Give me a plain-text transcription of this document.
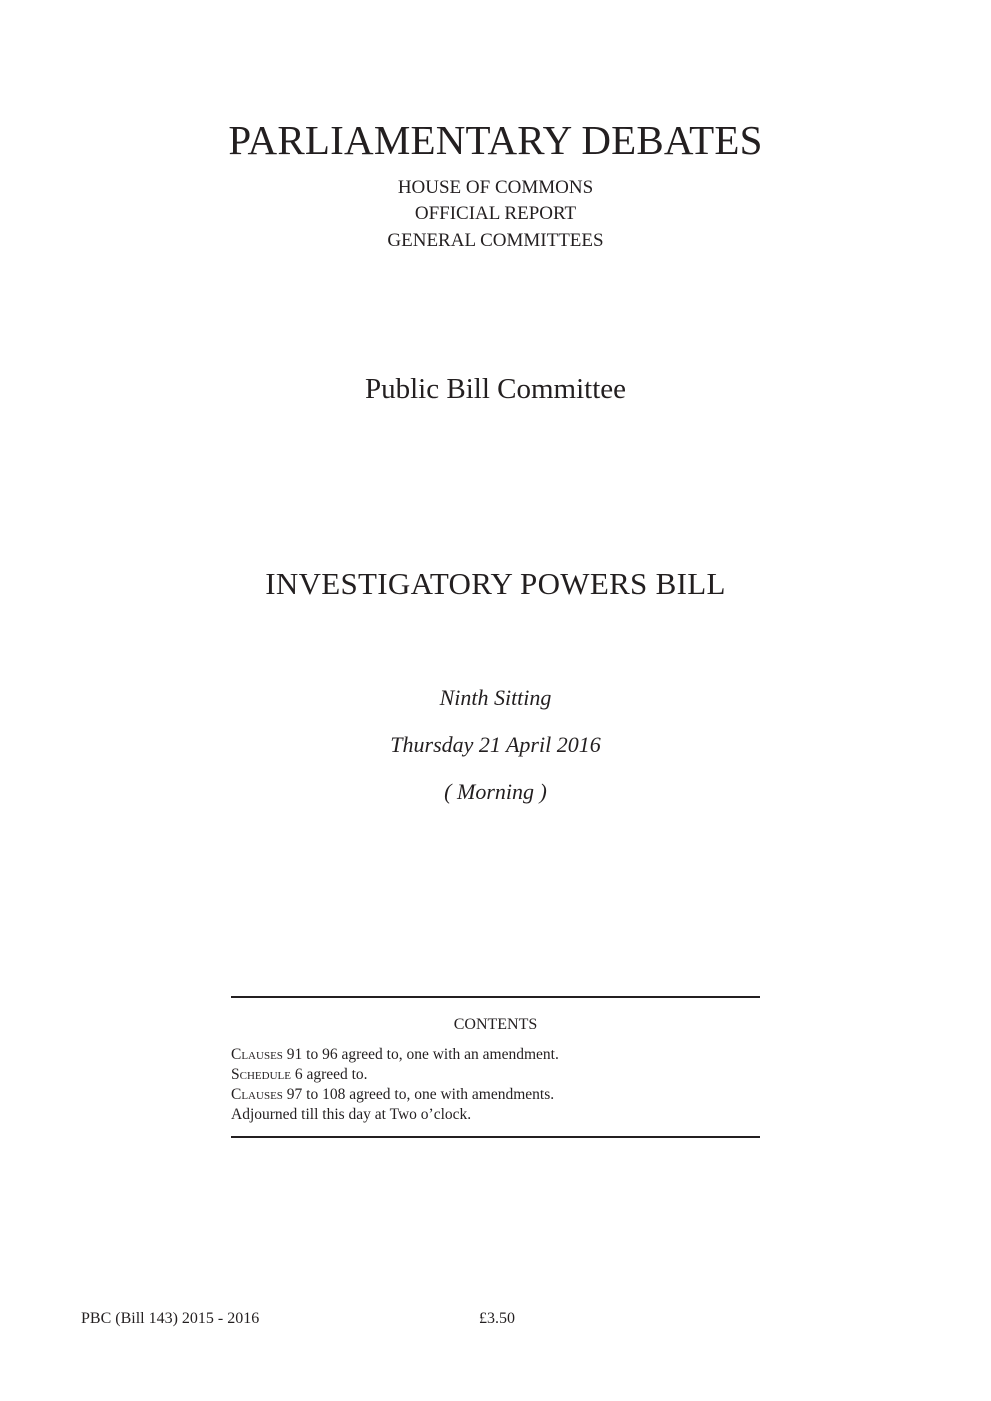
PARLIAMENTARY DEBATES
HOUSE OF COMMONS
OFFICIAL REPORT
GENERAL COMMITTEES
Public Bill Committee
INVESTIGATORY POWERS BILL
Ninth Sitting
Thursday 21 April 2016
( Morning )
CONTENTS
Clauses 91 to 96 agreed to, one with an amendment.
Schedule 6 agreed to.
Clauses 97 to 108 agreed to, one with amendments.
Adjourned till this day at Two o’clock.
PBC (Bill 143) 2015 - 2016	£3.50
